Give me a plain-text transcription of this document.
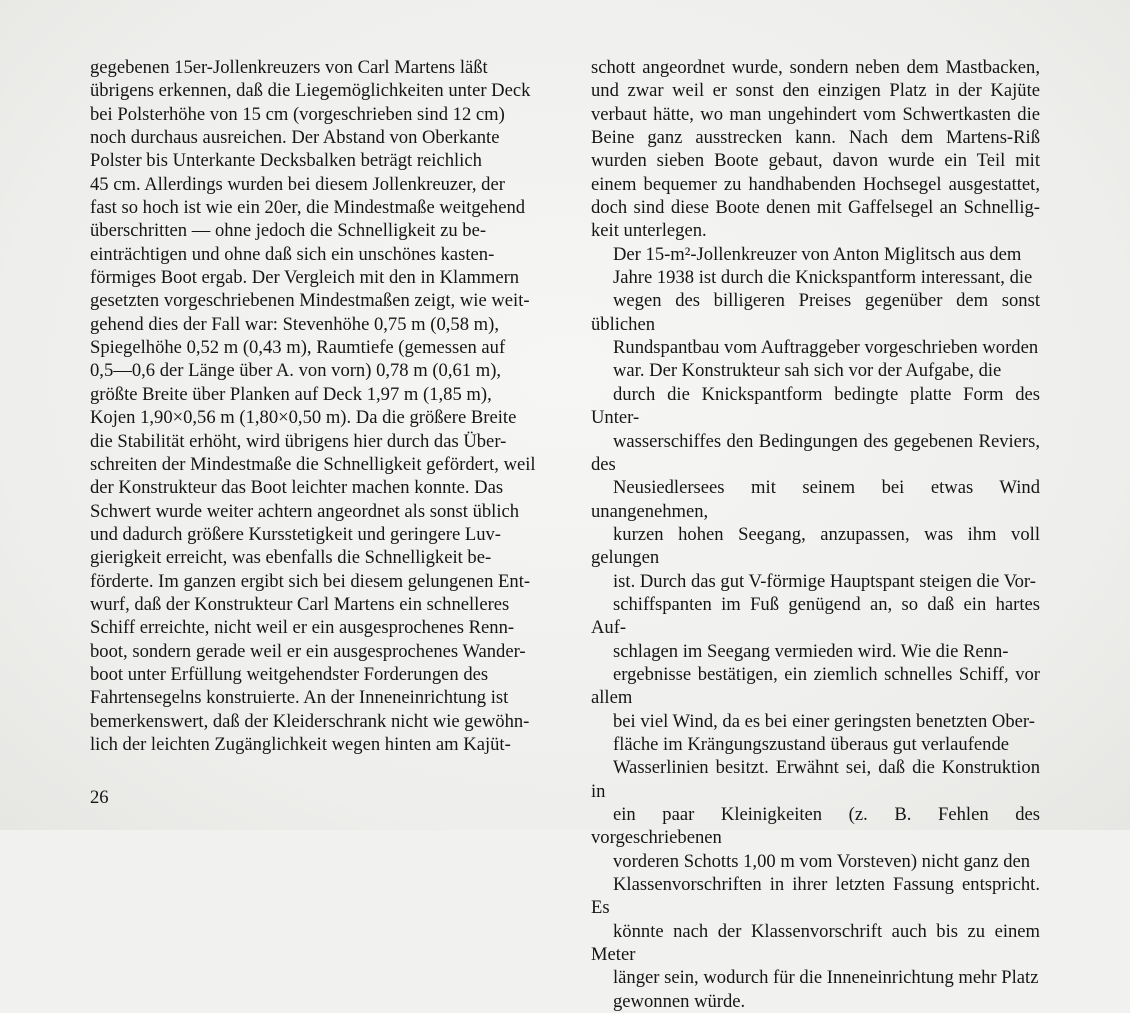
gegebenen 15er-Jollenkreuzers von Carl Martens läßt
übrigens erkennen, daß die Liegemöglichkeiten unter Deck
bei Polsterhöhe von 15 cm (vorgeschrieben sind 12 cm)
noch durchaus ausreichen. Der Abstand von Oberkante
Polster bis Unterkante Decksbalken beträgt reichlich
45 cm. Allerdings wurden bei diesem Jollenkreuzer, der
fast so hoch ist wie ein 20er, die Mindestmaße weitgehend
überschritten — ohne jedoch die Schnelligkeit zu be-
einträchtigen und ohne daß sich ein unschönes kasten-
förmiges Boot ergab. Der Vergleich mit den in Klammern
gesetzten vorgeschriebenen Mindestmaßen zeigt, wie weit-
gehend dies der Fall war: Stevenhöhe 0,75 m (0,58 m),
Spiegelhöhe 0,52 m (0,43 m), Raumtiefe (gemessen auf
0,5—0,6 der Länge über A. von vorn) 0,78 m (0,61 m),
größte Breite über Planken auf Deck 1,97 m (1,85 m),
Kojen 1,90×0,56 m (1,80×0,50 m). Da die größere Breite
die Stabilität erhöht, wird übrigens hier durch das Über-
schreiten der Mindestmaße die Schnelligkeit gefördert, weil
der Konstrukteur das Boot leichter machen konnte. Das
Schwert wurde weiter achtern angeordnet als sonst üblich
und dadurch größere Kursstetigkeit und geringere Luv-
gierigkeit erreicht, was ebenfalls die Schnelligkeit be-
förderte. Im ganzen ergibt sich bei diesem gelungenen Ent-
wurf, daß der Konstrukteur Carl Martens ein schnelleres
Schiff erreichte, nicht weil er ein ausgesprochenes Renn-
boot, sondern gerade weil er ein ausgesprochenes Wander-
boot unter Erfüllung weitgehendster Forderungen des
Fahrtensegelns konstruierte. An der Inneneinrichtung ist
bemerkenswert, daß der Kleiderschrank nicht wie gewöhn-
lich der leichten Zugänglichkeit wegen hinten am Kajüt-

schott angeordnet wurde, sondern neben dem Mastbacken,
und zwar weil er sonst den einzigen Platz in der Kajüte
verbaut hätte, wo man ungehindert vom Schwertkasten die
Beine ganz ausstrecken kann. Nach dem Martens-Riß
wurden sieben Boote gebaut, davon wurde ein Teil mit
einem bequemer zu handhabenden Hochsegel ausgestattet,
doch sind diese Boote denen mit Gaffelsegel an Schnellig-
keit unterlegen.

Der 15-m²-Jollenkreuzer von Anton Miglitsch aus dem
Jahre 1938 ist durch die Knickspantform interessant, die
wegen des billigeren Preises gegenüber dem sonst üblichen
Rundspantbau vom Auftraggeber vorgeschrieben worden
war. Der Konstrukteur sah sich vor der Aufgabe, die
durch die Knickspantform bedingte platte Form des Unter-
wasserschiffes den Bedingungen des gegebenen Reviers, des
Neusiedlersees mit seinem bei etwas Wind unangenehmen,
kurzen hohen Seegang, anzupassen, was ihm voll gelungen
ist. Durch das gut V-förmige Hauptspant steigen die Vor-
schiffspanten im Fuß genügend an, so daß ein hartes Auf-
schlagen im Seegang vermieden wird. Wie die Renn-
ergebnisse bestätigen, ein ziemlich schnelles Schiff, vor allem
bei viel Wind, da es bei einer geringsten benetzten Ober-
fläche im Krängungszustand überaus gut verlaufende
Wasserlinien besitzt. Erwähnt sei, daß die Konstruktion in
ein paar Kleinigkeiten (z. B. Fehlen des vorgeschriebenen
vorderen Schotts 1,00 m vom Vorsteven) nicht ganz den
Klassenvorschriften in ihrer letzten Fassung entspricht. Es
könnte nach der Klassenvorschrift auch bis zu einem Meter
länger sein, wodurch für die Inneneinrichtung mehr Platz
gewonnen würde.

26
